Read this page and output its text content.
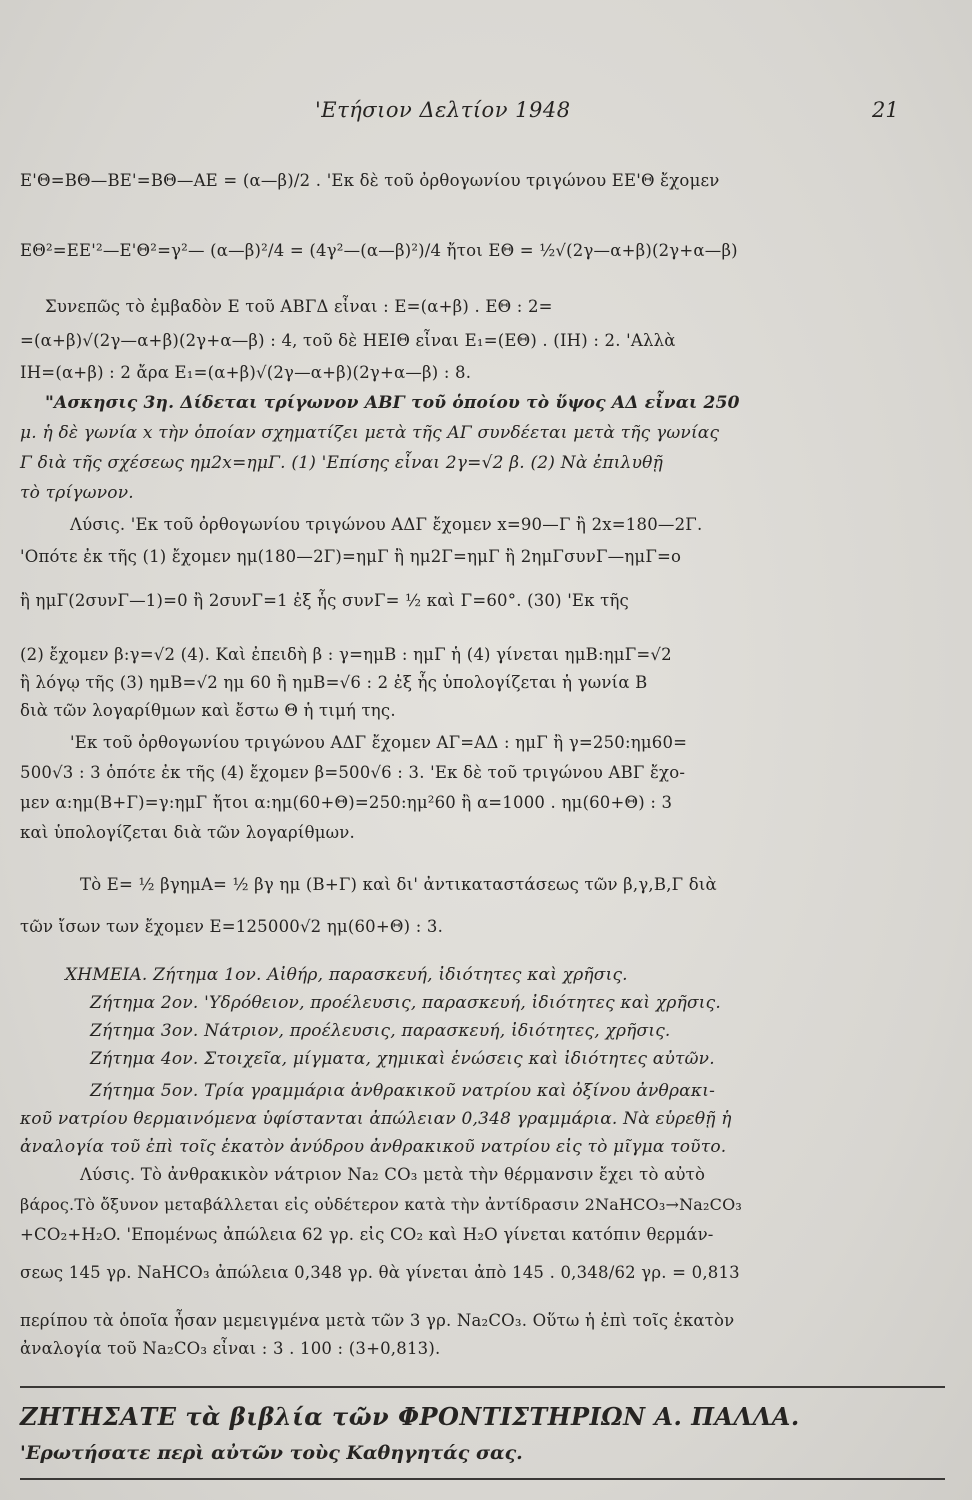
'Ετήσιον Δελτίον 1948	21
Ε'Θ=ΒΘ—ΒΕ'=ΒΘ—ΑΕ = (α—β)/2 . 'Εκ δὲ τοῦ ὀρθογωνίου τριγώνου ΕΕ'Θ ἔχομεν
ΕΘ²=ΕΕ'²—Ε'Θ²=γ²— (α—β)²/4 = (4γ²—(α—β)²)/4 ἤτοι ΕΘ = ½√(2γ—α+β)(2γ+α—β)
Συνεπῶς τὸ ἐμβαδὸν Ε τοῦ ΑΒΓΔ εἶναι : Ε=(α+β) . ΕΘ : 2=
=(α+β)√(2γ—α+β)(2γ+α—β) : 4, τοῦ δὲ ΗΕΙΘ εἶναι Ε₁=(ΕΘ) . (ΙΗ) : 2. 'Αλλὰ
ΙΗ=(α+β) : 2 ἄρα Ε₁=(α+β)√(2γ—α+β)(2γ+α—β) : 8.
"Ασκησις 3η. Δίδεται τρίγωνον ΑΒΓ τοῦ ὁποίου τὸ ὕψος ΑΔ εἶναι 250
μ. ἡ δὲ γωνία x τὴν ὁποίαν σχηματίζει μετὰ τῆς ΑΓ συνδέεται μετὰ τῆς γωνίας
Γ διὰ τῆς σχέσεως ημ2x=ημΓ. (1) 'Επίσης εἶναι 2γ=√2 β. (2) Νὰ ἐπιλυθῇ
τὸ τρίγωνον.
Λύσις. 'Εκ τοῦ ὀρθογωνίου τριγώνου ΑΔΓ ἔχομεν x=90—Γ ἢ 2x=180—2Γ.
'Οπότε ἐκ τῆς (1) ἔχομεν ημ(180—2Γ)=ημΓ ἢ ημ2Γ=ημΓ ἢ 2ημΓσυνΓ—ημΓ=ο
ἢ ημΓ(2συνΓ—1)=0 ἢ 2συνΓ=1 ἐξ ἧς συνΓ= ½ καὶ Γ=60°. (30) 'Εκ τῆς
(2) ἔχομεν β:γ=√2 (4). Καὶ ἐπειδὴ β : γ=ημΒ : ημΓ ἡ (4) γίνεται ημΒ:ημΓ=√2
ἢ λόγῳ τῆς (3) ημΒ=√2 ημ 60 ἢ ημΒ=√6 : 2 ἐξ ἧς ὑπολογίζεται ἡ γωνία Β
διὰ τῶν λογαρίθμων καὶ ἔστω Θ ἡ τιμή της.
'Εκ τοῦ ὀρθογωνίου τριγώνου ΑΔΓ ἔχομεν ΑΓ=ΑΔ : ημΓ ἢ γ=250:ημ60=
500√3 : 3 ὁπότε ἐκ τῆς (4) ἔχομεν β=500√6 : 3. 'Εκ δὲ τοῦ τριγώνου ΑΒΓ ἔχο-
μεν α:ημ(Β+Γ)=γ:ημΓ ἤτοι α:ημ(60+Θ)=250:ημ²60 ἢ α=1000 . ημ(60+Θ) : 3
καὶ ὑπολογίζεται διὰ τῶν λογαρίθμων.
Τὸ Ε= ½ βγημΑ= ½ βγ ημ (Β+Γ) καὶ δι' ἀντικαταστάσεως τῶν β,γ,Β,Γ διὰ
τῶν ἴσων των ἔχομεν Ε=125000√2 ημ(60+Θ) : 3.
ΧΗΜΕΙΑ. Ζήτημα 1ον. Αἰθήρ, παρασκευή, ἰδιότητες καὶ χρῆσις.
Ζήτημα 2ον. 'Υδρόθειον, προέλευσις, παρασκευή, ἰδιότητες καὶ χρῆσις.
Ζήτημα 3ον. Νάτριον, προέλευσις, παρασκευή, ἰδιότητες, χρῆσις.
Ζήτημα 4ον. Στοιχεῖα, μίγματα, χημικαὶ ἑνώσεις καὶ ἰδιότητες αὐτῶν.
Ζήτημα 5ον. Τρία γραμμάρια ἀνθρακικοῦ νατρίου καὶ ὀξίνου ἀνθρακι-
κοῦ νατρίου θερμαινόμενα ὑφίστανται ἀπώλειαν 0,348 γραμμάρια. Νὰ εὑρεθῇ ἡ
ἀναλογία τοῦ ἐπὶ τοῖς ἑκατὸν ἀνύδρου ἀνθρακικοῦ νατρίου εἰς τὸ μῖγμα τοῦτο.
Λύσις. Τὸ ἀνθρακικὸν νάτριον Na₂ CO₃ μετὰ τὴν θέρμανσιν ἔχει τὸ αὐτὸ
βάρος.Τὸ ὄξυνον μεταβάλλεται εἰς οὐδέτερον κατὰ τὴν ἀντίδρασιν 2NaHCO₃→Na₂CO₃
+CO₂+H₂O. 'Επομένως ἀπώλεια 62 γρ. εἰς CO₂ καὶ H₂O γίνεται κατόπιν θερμάν-
σεως 145 γρ. NaHCO₃ ἀπώλεια 0,348 γρ. θὰ γίνεται ἀπὸ 145 . 0,348/62 γρ. = 0,813
περίπου τὰ ὁποῖα ἦσαν μεμειγμένα μετὰ τῶν 3 γρ. Na₂CO₃. Οὕτω ἡ ἐπὶ τοῖς ἑκατὸν
ἀναλογία τοῦ Na₂CO₃ εἶναι : 3 . 100 : (3+0,813).
ΖΗΤΗΣΑΤΕ τὰ βιβλία τῶν ΦΡΟΝΤΙΣΤΗΡΙΩΝ Α. ΠΑΛΛΑ.
'Ερωτήσατε περὶ αὐτῶν τοὺς Καθηγητάς σας.
